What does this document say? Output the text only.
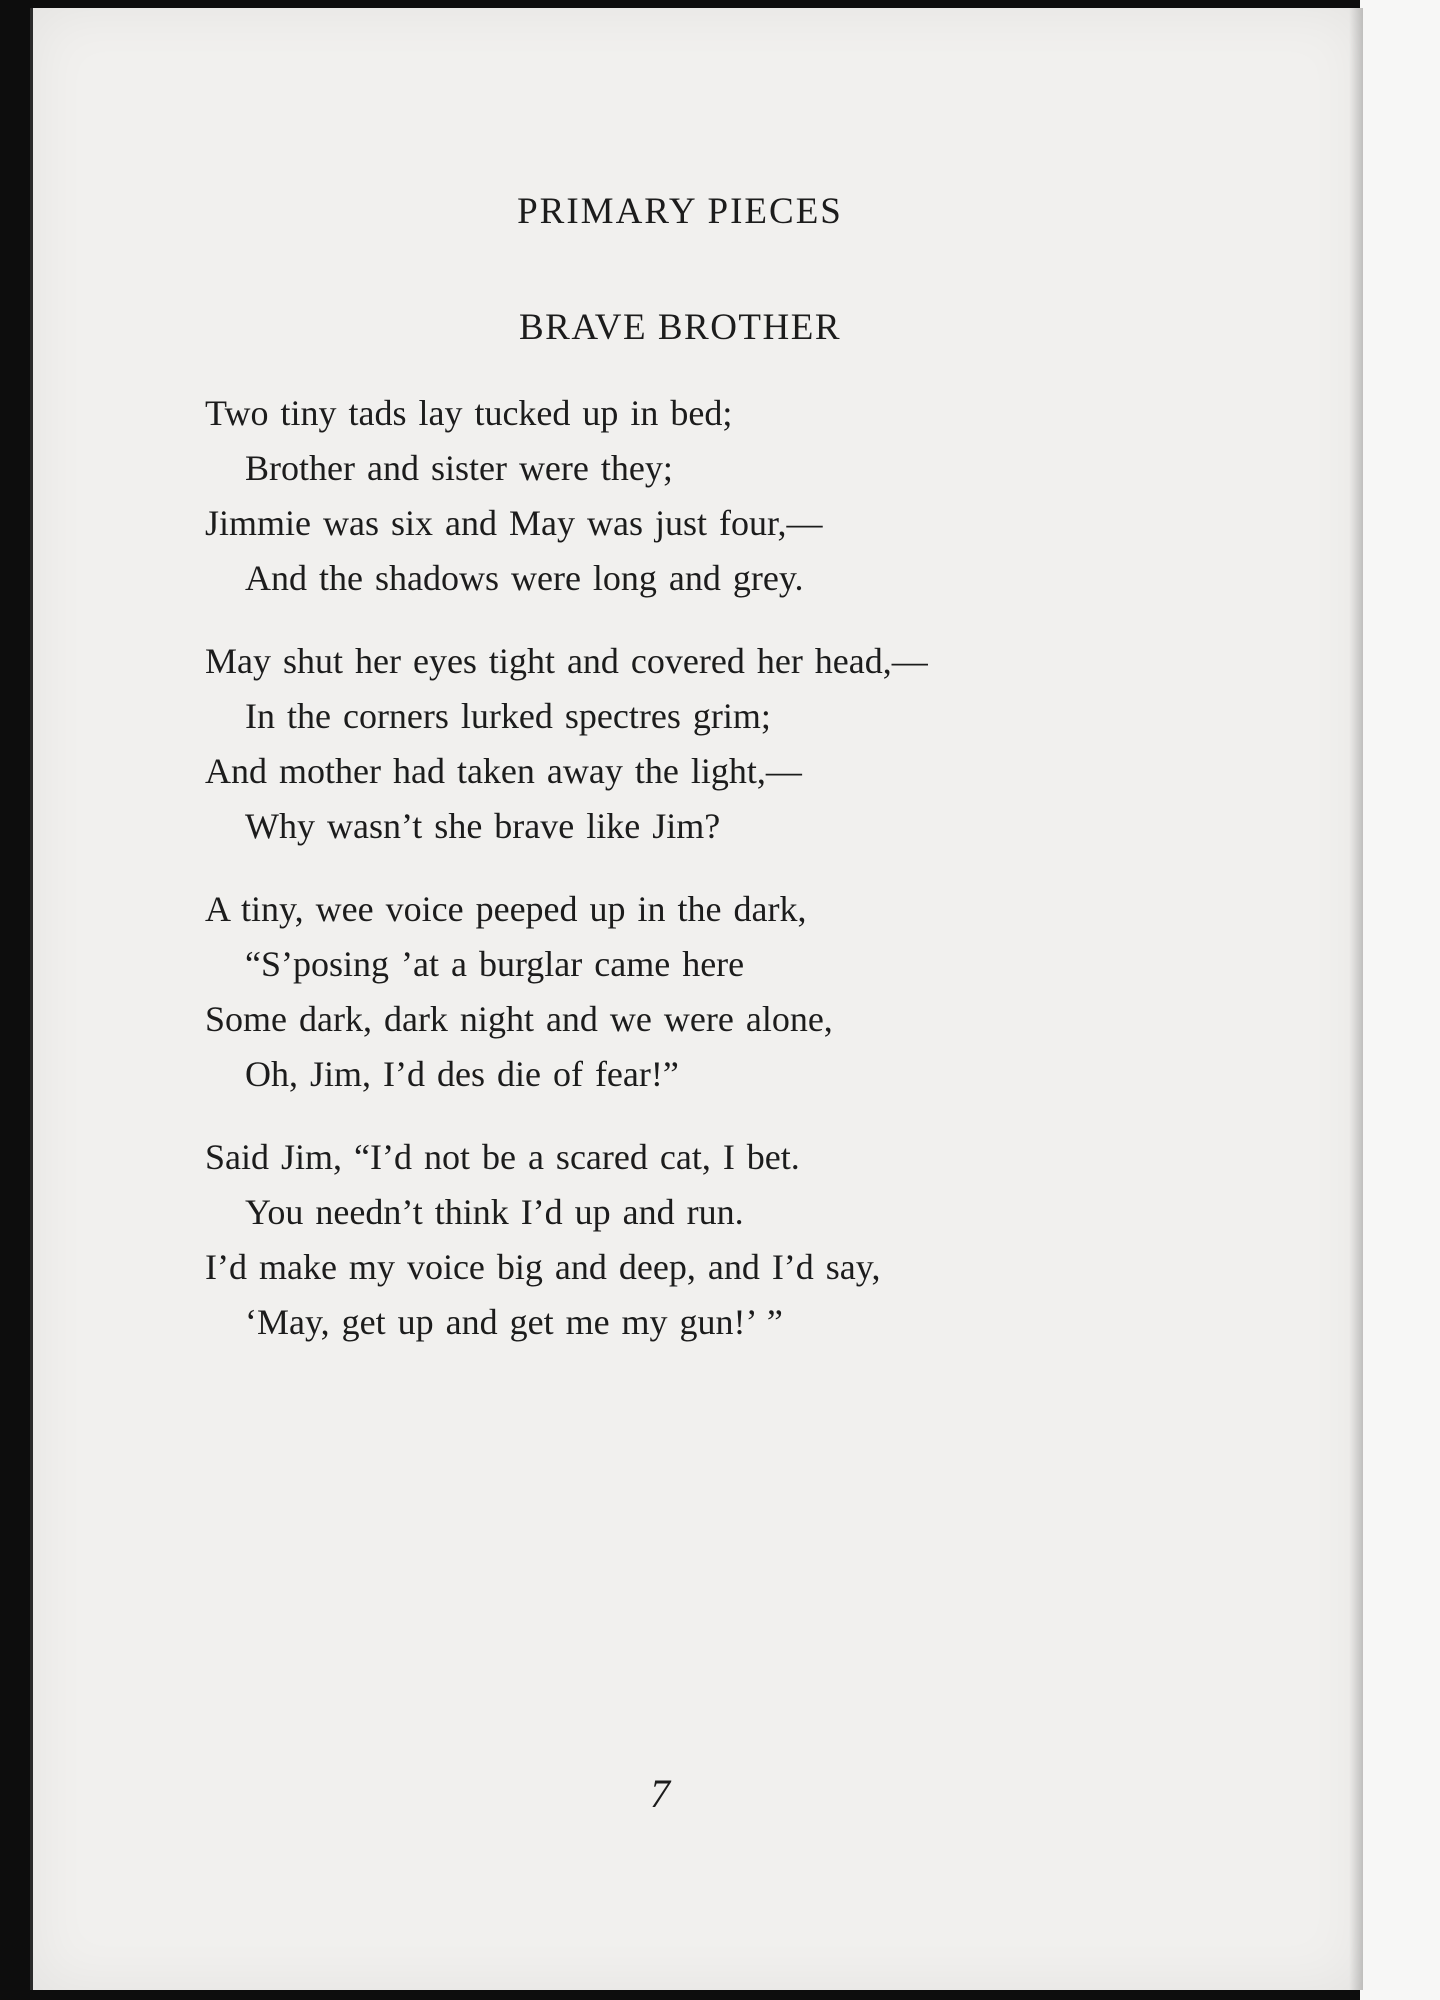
PRIMARY PIECES
BRAVE BROTHER
Two tiny tads lay tucked up in bed;
Brother and sister were they;
Jimmie was six and May was just four,—
And the shadows were long and grey.
May shut her eyes tight and covered her head,—
In the corners lurked spectres grim;
And mother had taken away the light,—
Why wasn’t she brave like Jim?
A tiny, wee voice peeped up in the dark,
“S’posing ’at a burglar came here
Some dark, dark night and we were alone,
Oh, Jim, I’d des die of fear!”
Said Jim, “I’d not be a scared cat, I bet.
You needn’t think I’d up and run.
I’d make my voice big and deep, and I’d say,
‘May, get up and get me my gun!’ ”
7
